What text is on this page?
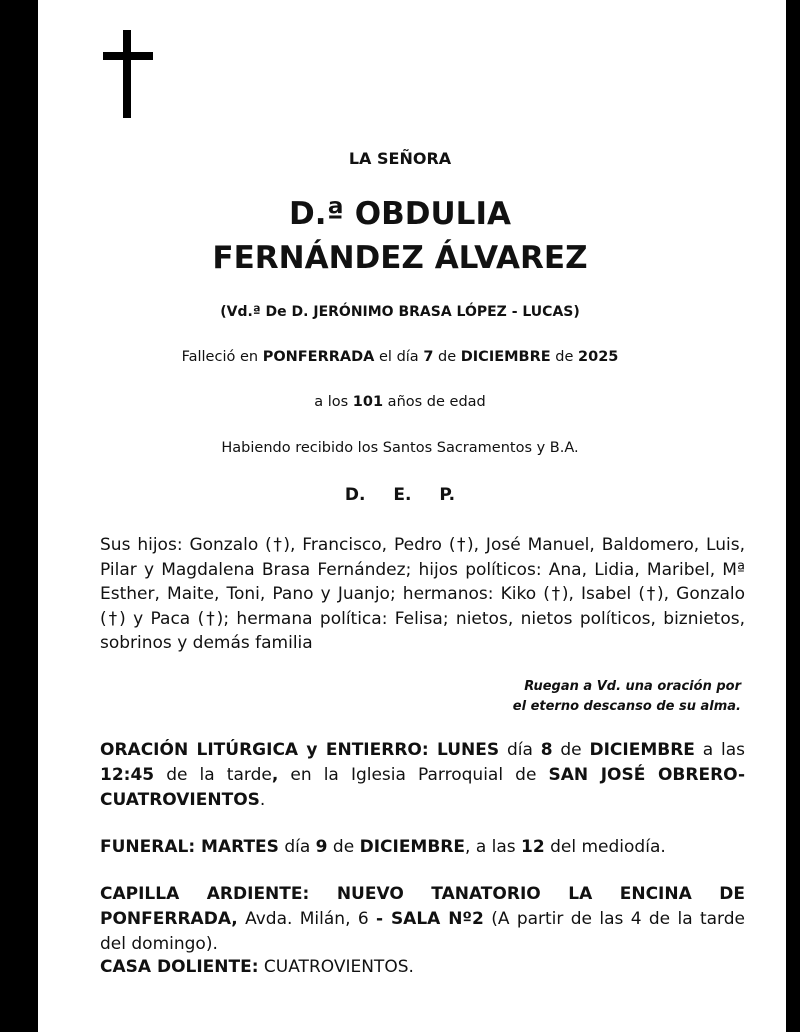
LA SEÑORA
D.ª OBDULIA
FERNÁNDEZ ÁLVAREZ
(Vd.ª De D. JERÓNIMO BRASA LÓPEZ - LUCAS)
Falleció en PONFERRADA el día 7 de DICIEMBRE de 2025
a los 101 años de edad
Habiendo recibido los Santos Sacramentos y B.A.
D. E. P.
Sus hijos: Gonzalo (†), Francisco, Pedro (†), José Manuel, Baldomero, Luis, Pilar y Magdalena Brasa Fernández; hijos políticos: Ana, Lidia, Maribel, Mª Esther, Maite, Toni, Pano y Juanjo; hermanos: Kiko (†), Isabel (†), Gonzalo (†) y Paca (†); hermana política: Felisa; nietos, nietos políticos, biznietos, sobrinos y demás familia
Ruegan a Vd. una oración por
el eterno descanso de su alma.
ORACIÓN LITÚRGICA y ENTIERRO: LUNES día 8 de DICIEMBRE a las 12:45 de la tarde, en la Iglesia Parroquial de SAN JOSÉ OBRERO-CUATROVIENTOS.
FUNERAL: MARTES día 9 de DICIEMBRE, a las 12 del mediodía.
CAPILLA ARDIENTE: NUEVO TANATORIO LA ENCINA DE PONFERRADA, Avda. Milán, 6 - SALA Nº2 (A partir de las 4 de la tarde del domingo).
CASA DOLIENTE: CUATROVIENTOS.
